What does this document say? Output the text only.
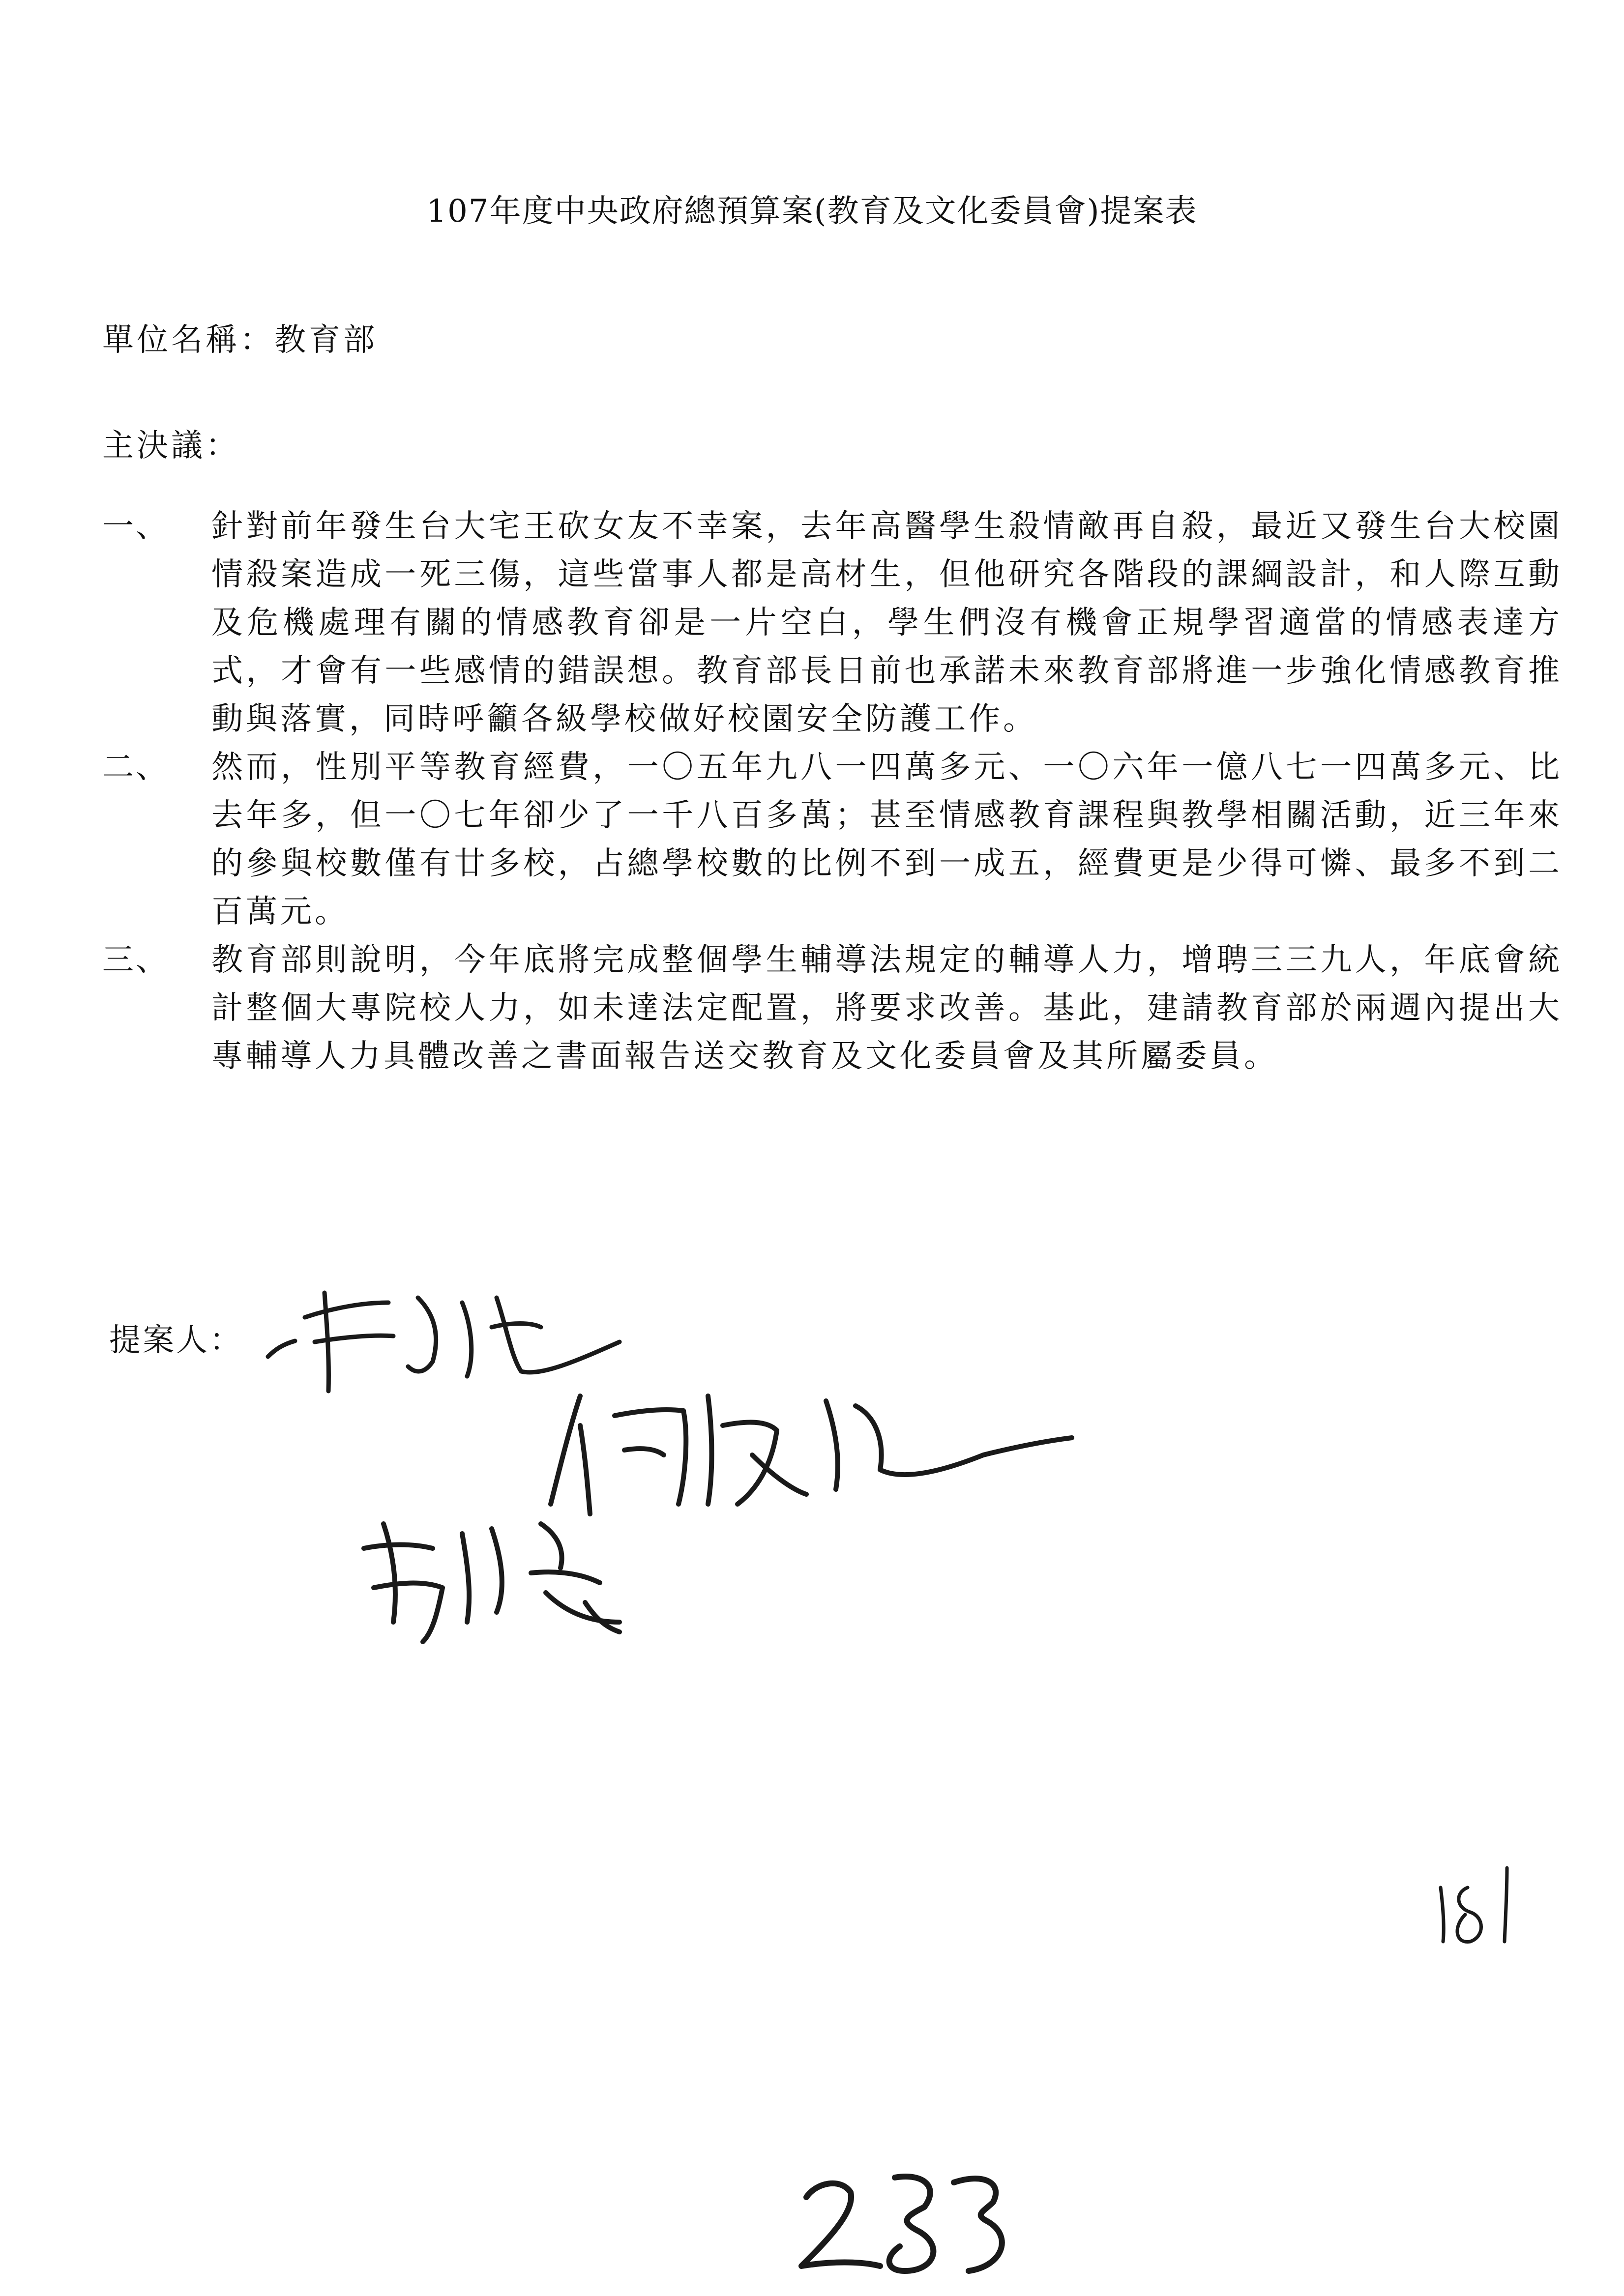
107年度中央政府總預算案(教育及文化委員會)提案表
單位名稱：教育部
主決議：
一、	針對前年發生台大宅王砍女友不幸案，去年高醫學生殺情敵再自殺，最近又發生台大校園情殺案造成一死三傷，這些當事人都是高材生，但他研究各階段的課綱設計，和人際互動及危機處理有關的情感教育卻是一片空白，學生們沒有機會正規學習適當的情感表達方式，才會有一些感情的錯誤想。教育部長日前也承諾未來教育部將進一步強化情感教育推動與落實，同時呼籲各級學校做好校園安全防護工作。
二、	然而，性別平等教育經費，一〇五年九八一四萬多元、一〇六年一億八七一四萬多元、比去年多，但一〇七年卻少了一千八百多萬；甚至情感教育課程與教學相關活動，近三年來的參與校數僅有廿多校，占總學校數的比例不到一成五，經費更是少得可憐、最多不到二百萬元。
三、	教育部則說明，今年底將完成整個學生輔導法規定的輔導人力，增聘三三九人，年底會統計整個大專院校人力，如未達法定配置，將要求改善。基此，建請教育部於兩週內提出大專輔導人力具體改善之書面報告送交教育及文化委員會及其所屬委員。
提案人：
